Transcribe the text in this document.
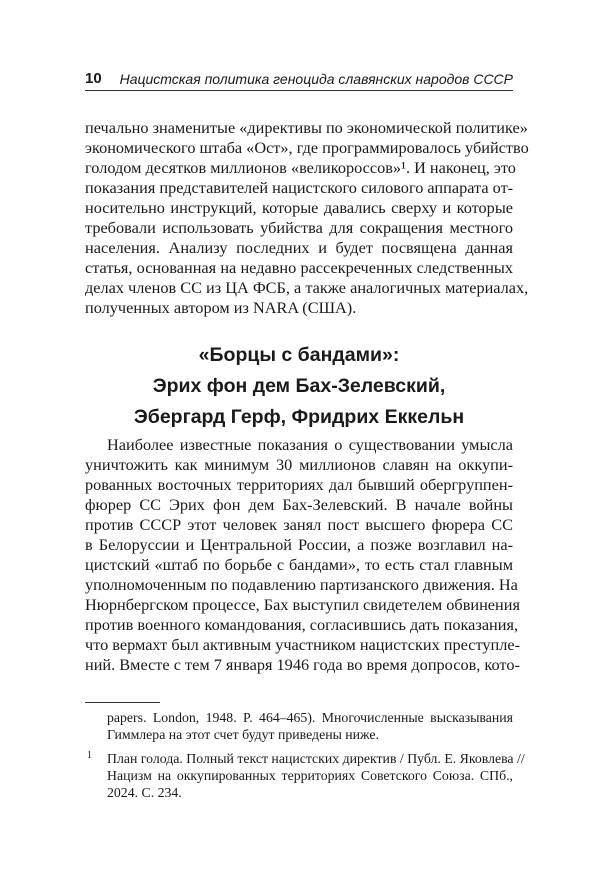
10 Нацистская политика геноцида славянских народов СССР
печально знаменитые «директивы по экономической политике»
экономического штаба «Ост», где программировалось убийство
голодом десятков миллионов «великороссов»¹. И наконец, это
показания представителей нацистского силового аппарата от-
носительно инструкций, которые давались сверху и которые
требовали использовать убийства для сокращения местного
населения. Анализу последних и будет посвящена данная
статья, основанная на недавно рассекреченных следственных
делах членов СС из ЦА ФСБ, а также аналогичных материалах,
полученных автором из NARA (США).
«Борцы с бандами»:
Эрих фон дем Бах-Зелевский,
Эбергард Герф, Фридрих Еккельн
Наиболее известные показания о существовании умысла
уничтожить как минимум 30 миллионов славян на оккупи-
рованных восточных территориях дал бывший обергруппен-
фюрер СС Эрих фон дем Бах-Зелевский. В начале войны
против СССР этот человек занял пост высшего фюрера СС
в Белоруссии и Центральной России, а позже возглавил на-
цистский «штаб по борьбе с бандами», то есть стал главным
уполномоченным по подавлению партизанского движения. На
Нюрнбергском процессе, Бах выступил свидетелем обвинения
против военного командования, согласившись дать показания,
что вермахт был активным участником нацистских преступле-
ний. Вместе с тем 7 января 1946 года во время допросов, кото-
papers. London, 1948. P. 464–465). Многочисленные высказывания
Гиммлера на этот счет будут приведены ниже.
1	План голода. Полный текст нацистских директив / Публ. Е. Яковлева //
Нацизм на оккупированных территориях Советского Союза. СПб.,
2024. С. 234.
